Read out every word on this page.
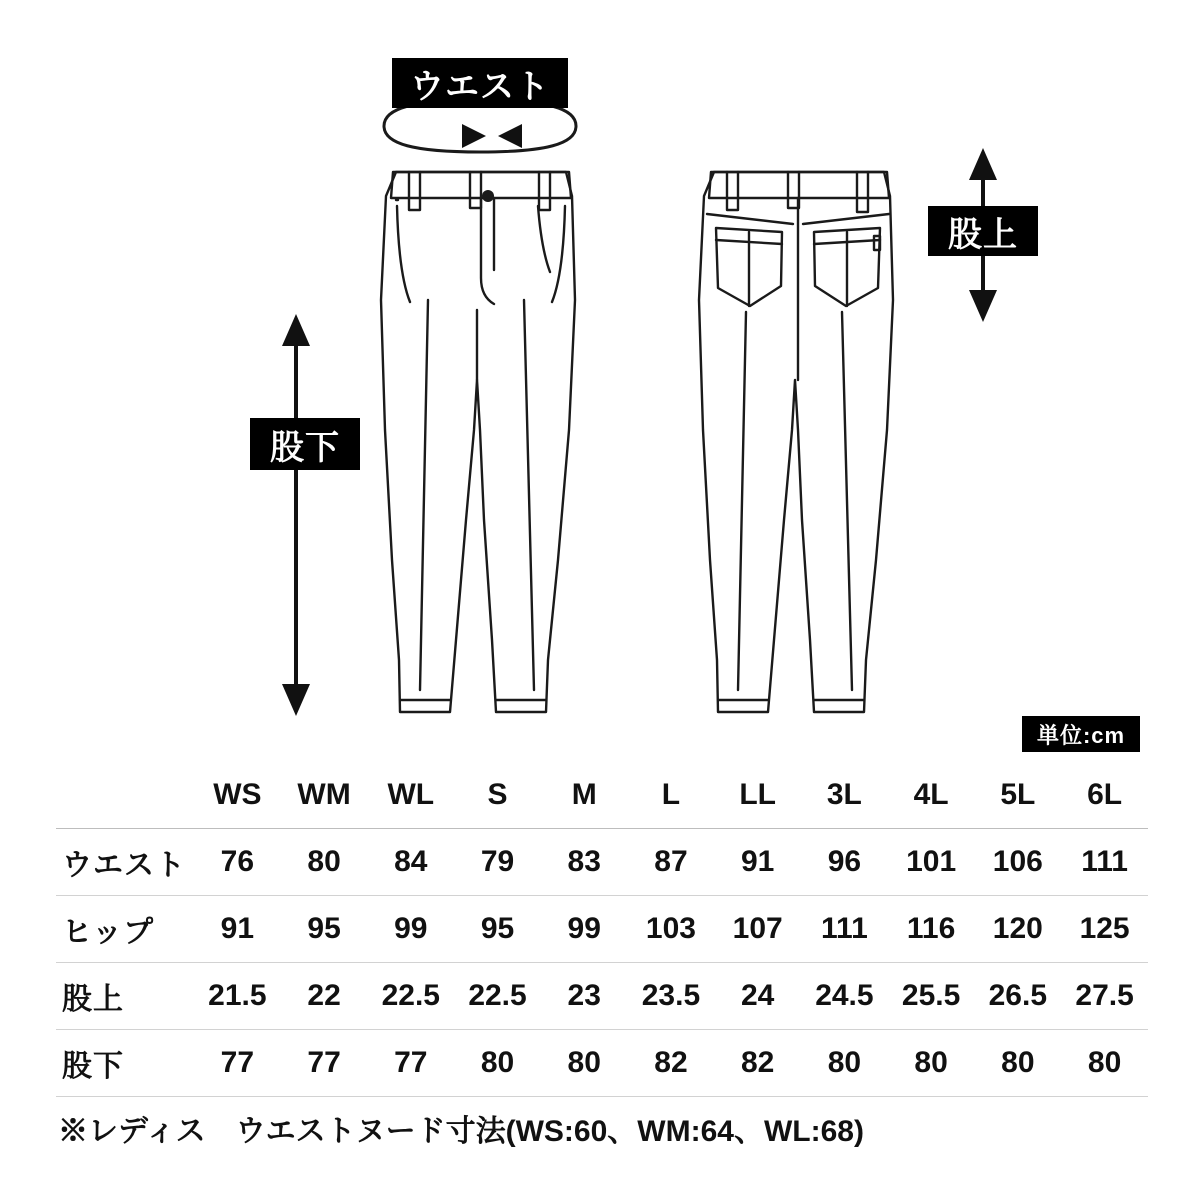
ウエスト
股上
股下
単位:cm
	WS	WM	WL	S	M	L	LL	3L	4L	5L	6L
ウエスト	76	80	84	79	83	87	91	96	101	106	111
ヒップ	91	95	99	95	99	103	107	111	116	120	125
股上	21.5	22	22.5	22.5	23	23.5	24	24.5	25.5	26.5	27.5
股下	77	77	77	80	80	82	82	80	80	80	80
※レディス　ウエストヌード寸法(WS:60、WM:64、WL:68)
